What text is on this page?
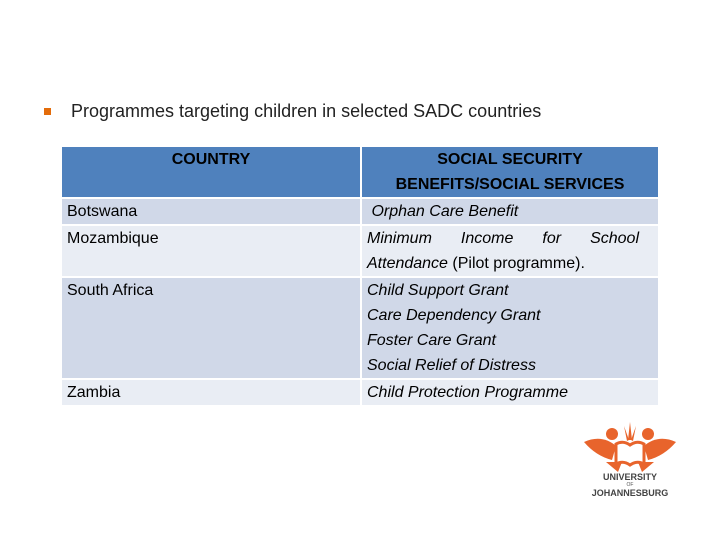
Programmes targeting children in selected SADC countries
COUNTRY	SOCIAL SECURITY BENEFITS/SOCIAL SERVICES
Botswana	Orphan Care Benefit
Mozambique	Minimum Income for School Attendance (Pilot programme).

South Africa	Child Support Grant
Care Dependency Grant
Foster Care Grant
Social Relief of Distress

Zambia	Child Protection Programme
UNIVERSITY
OF
JOHANNESBURG
